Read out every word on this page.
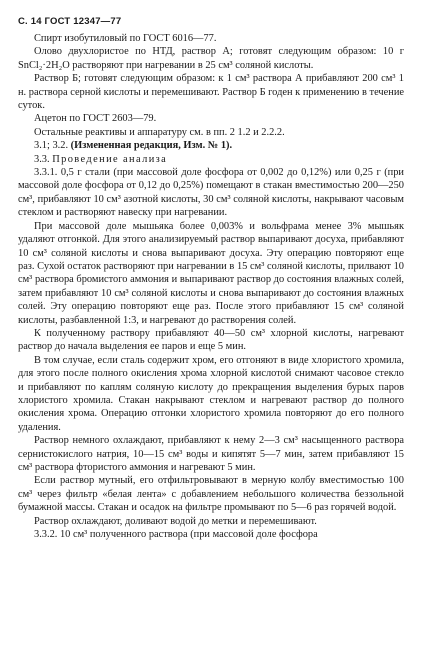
С. 14 ГОСТ 12347—77

Спирт изобутиловый по ГОСТ 6016—77.

Олово двухлористое по НТД, раствор А; готовят следующим образом: 10 г SnCl₂·2H₂O растворяют при нагревании в 25 см³ соляной кислоты.

Раствор Б; готовят следующим образом: к 1 см³ раствора А прибавляют 200 см³ 1 н. раствора серной кислоты и перемешивают. Раствор Б годен к применению в течение суток.

Ацетон по ГОСТ 2603—79.

Остальные реактивы и аппаратуру см. в пп. 2 1.2 и 2.2.2.

3.1; 3.2. (Измененная редакция, Изм. № 1).

3.3. Проведение анализа

3.3.1. 0,5 г стали (при массовой доле фосфора от 0,002 до 0,12%) или 0,25 г (при массовой доле фосфора от 0,12 до 0,25%) помещают в стакан вместимостью 200—250 см³, прибавляют 10 см³ азотной кислоты, 30 см³ соляной кислоты, накрывают часовым стеклом и растворяют навеску при нагревании.

При массовой доле мышьяка более 0,003% и вольфрама менее 3% мышьяк удаляют отгонкой. Для этого анализируемый раствор выпаривают досуха, прибавляют 10 см³ соляной кислоты и снова выпаривают досуха. Эту операцию повторяют еще раз. Сухой остаток растворяют при нагревании в 15 см³ соляной кислоты, прилвают 10 см³ раствора бромистого аммония и выпаривают раствор до состояния влажных солей, затем прибавляют 10 см³ соляной кислоты и снова выпаривают до состояния влажных солей. Эту операцию повторяют еще раз. После этого прибавляют 15 см³ соляной кислоты, разбавленной 1:3, и нагревают до растворения солей.

К полученному раствору прибавляют 40—50 см³ хлорной кислоты, нагревают раствор до начала выделения ее паров и еще 5 мин.

В том случае, если сталь содержит хром, его отгоняют в виде хлористого хромила, для этого после полного окисления хрома хлорной кислотой снимают часовое стекло и прибавляют по каплям соляную кислоту до прекращения выделения бурых паров хлористого хромила. Стакан накрывают стеклом и нагревают раствор до полного окисления хрома. Операцию отгонки хлористого хромила повторяют до его полного удаления.

Раствор немного охлаждают, прибавляют к нему 2—3 см³ насыщенного раствора сернистокислого натрия, 10—15 см³ воды и кипятят 5—7 мин, затем прибавляют 15 см³ раствора фтористого аммония и нагревают 5 мин.

Если раствор мутный, его отфильтровывают в мерную колбу вместимостью 100 см³ через фильтр «белая лента» с добавлением небольшого количества беззольной бумажной массы. Стакан и осадок на фильтре промывают по 5—6 раз горячей водой.

Раствор охлаждают, доливают водой до метки и перемешивают.

3.3.2. 10 см³ полученного раствора (при массовой доле фосфора
